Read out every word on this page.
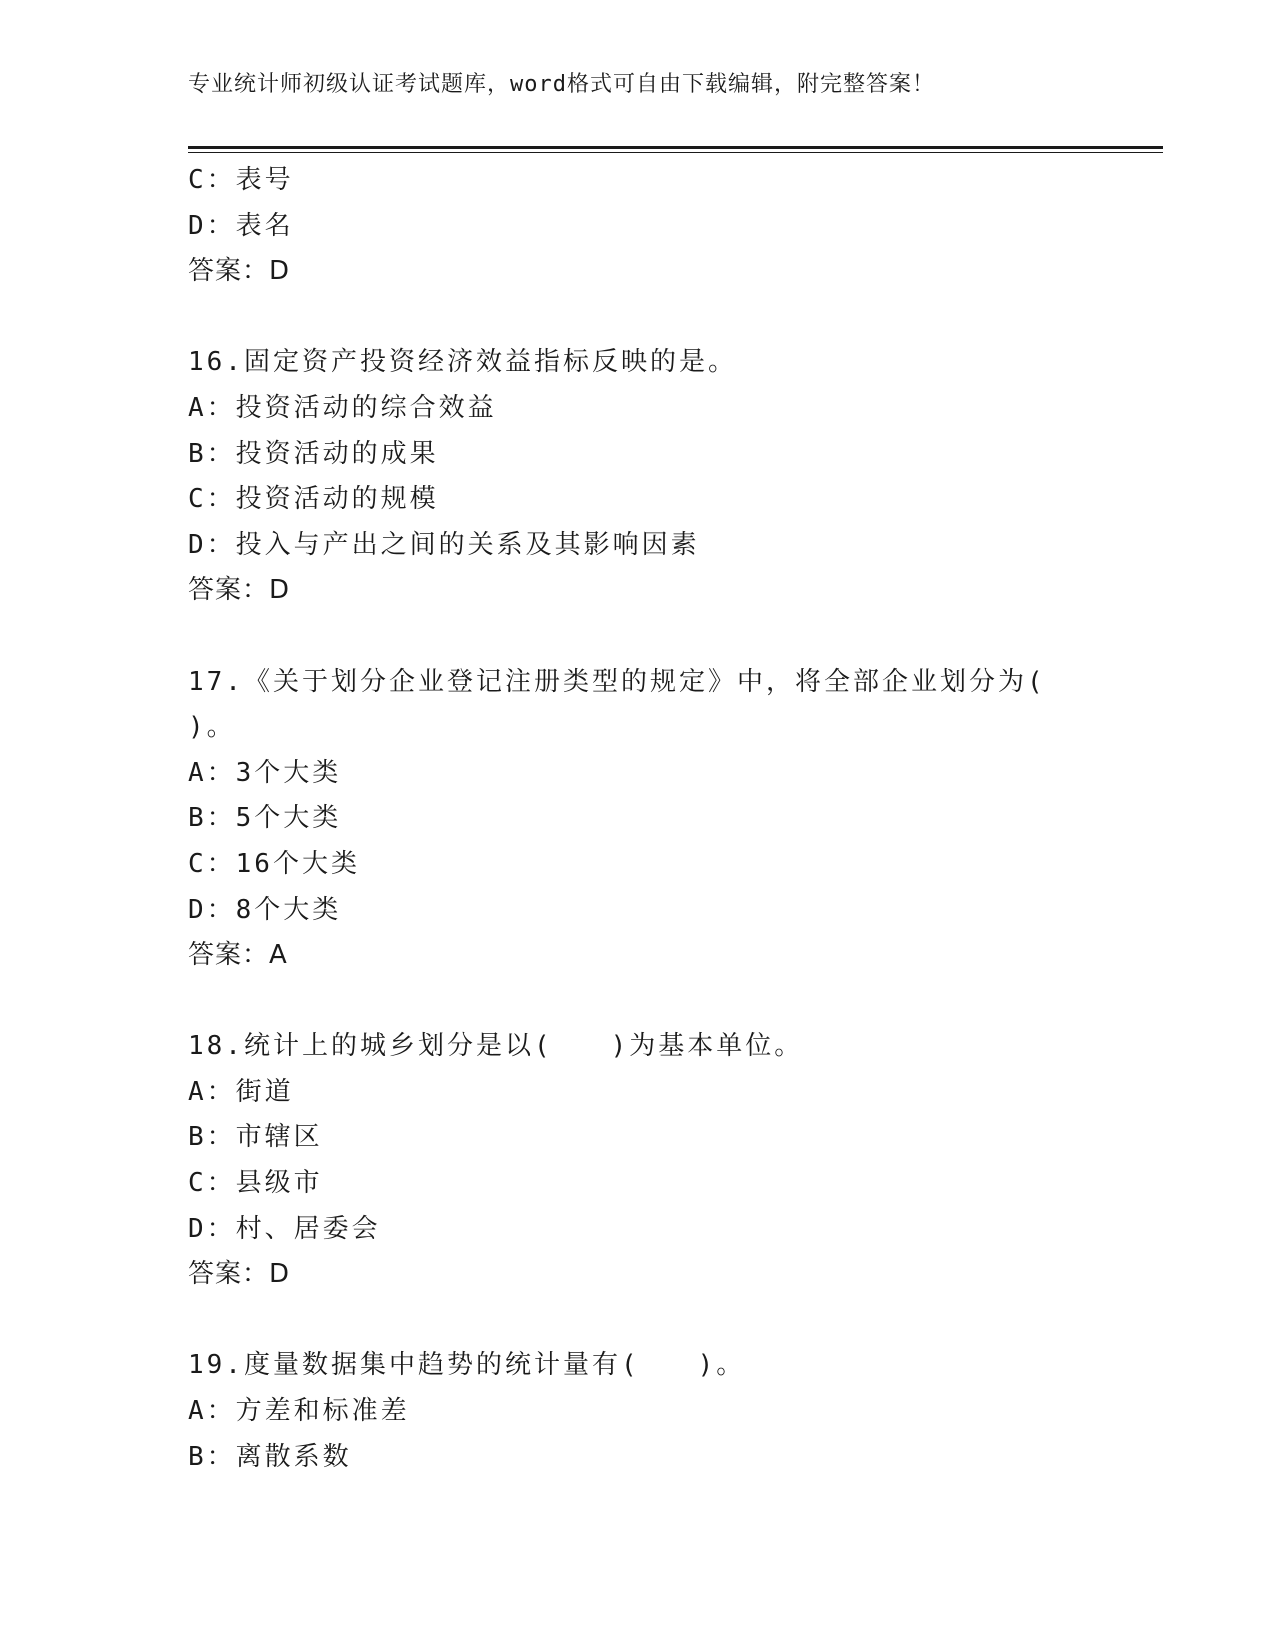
专业统计师初级认证考试题库，word格式可自由下载编辑，附完整答案！
C：表号
D：表名
答案：D
16.固定资产投资经济效益指标反映的是。
A：投资活动的综合效益
B：投资活动的成果
C：投资活动的规模
D：投入与产出之间的关系及其影响因素
答案：D
17.《关于划分企业登记注册类型的规定》中，将全部企业划分为(
)。
A：3个大类
B：5个大类
C：16个大类
D：8个大类
答案：A
18.统计上的城乡划分是以(　　)为基本单位。
A：街道
B：市辖区
C：县级市
D：村、居委会
答案：D
19.度量数据集中趋势的统计量有(　　)。
A：方差和标准差
B：离散系数
